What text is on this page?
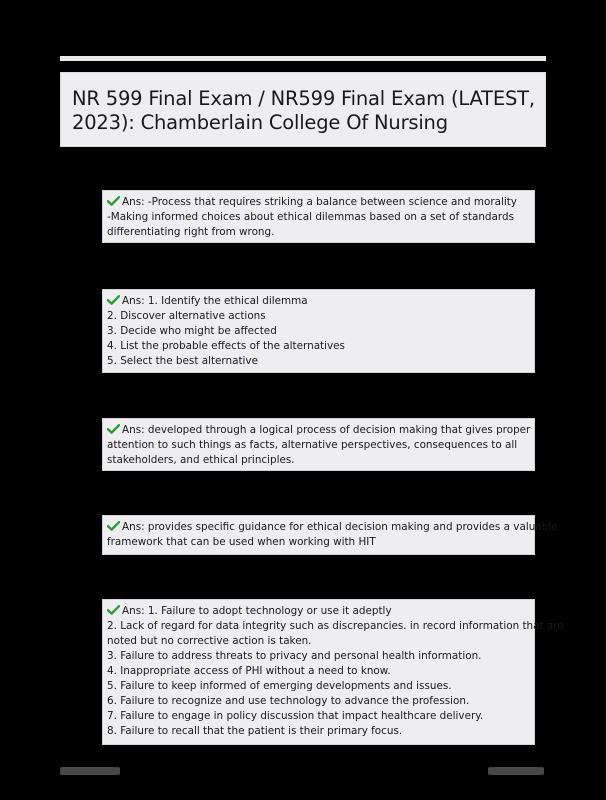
NR 599 Final Exam / NR599 Final Exam (LATEST,
2023): Chamberlain College Of Nursing
Ans: -Process that requires striking a balance between science and morality
-Making informed choices about ethical dilemmas based on a set of standards
differentiating right from wrong.
Ans: 1. Identify the ethical dilemma
2. Discover alternative actions
3. Decide who might be affected
4. List the probable effects of the alternatives
5. Select the best alternative
Ans: developed through a logical process of decision making that gives proper
attention to such things as facts, alternative perspectives, consequences to all
stakeholders, and ethical principles.
Ans: provides specific guidance for ethical decision making and provides a valuable
framework that can be used when working with HIT
Ans: 1. Failure to adopt technology or use it adeptly
2. Lack of regard for data integrity such as discrepancies. in record information that are
noted but no corrective action is taken.
3. Failure to address threats to privacy and personal health information.
4. Inappropriate access of PHI without a need to know.
5. Failure to keep informed of emerging developments and issues.
6. Failure to recognize and use technology to advance the profession.
7. Failure to engage in policy discussion that impact healthcare delivery.
8. Failure to recall that the patient is their primary focus.
